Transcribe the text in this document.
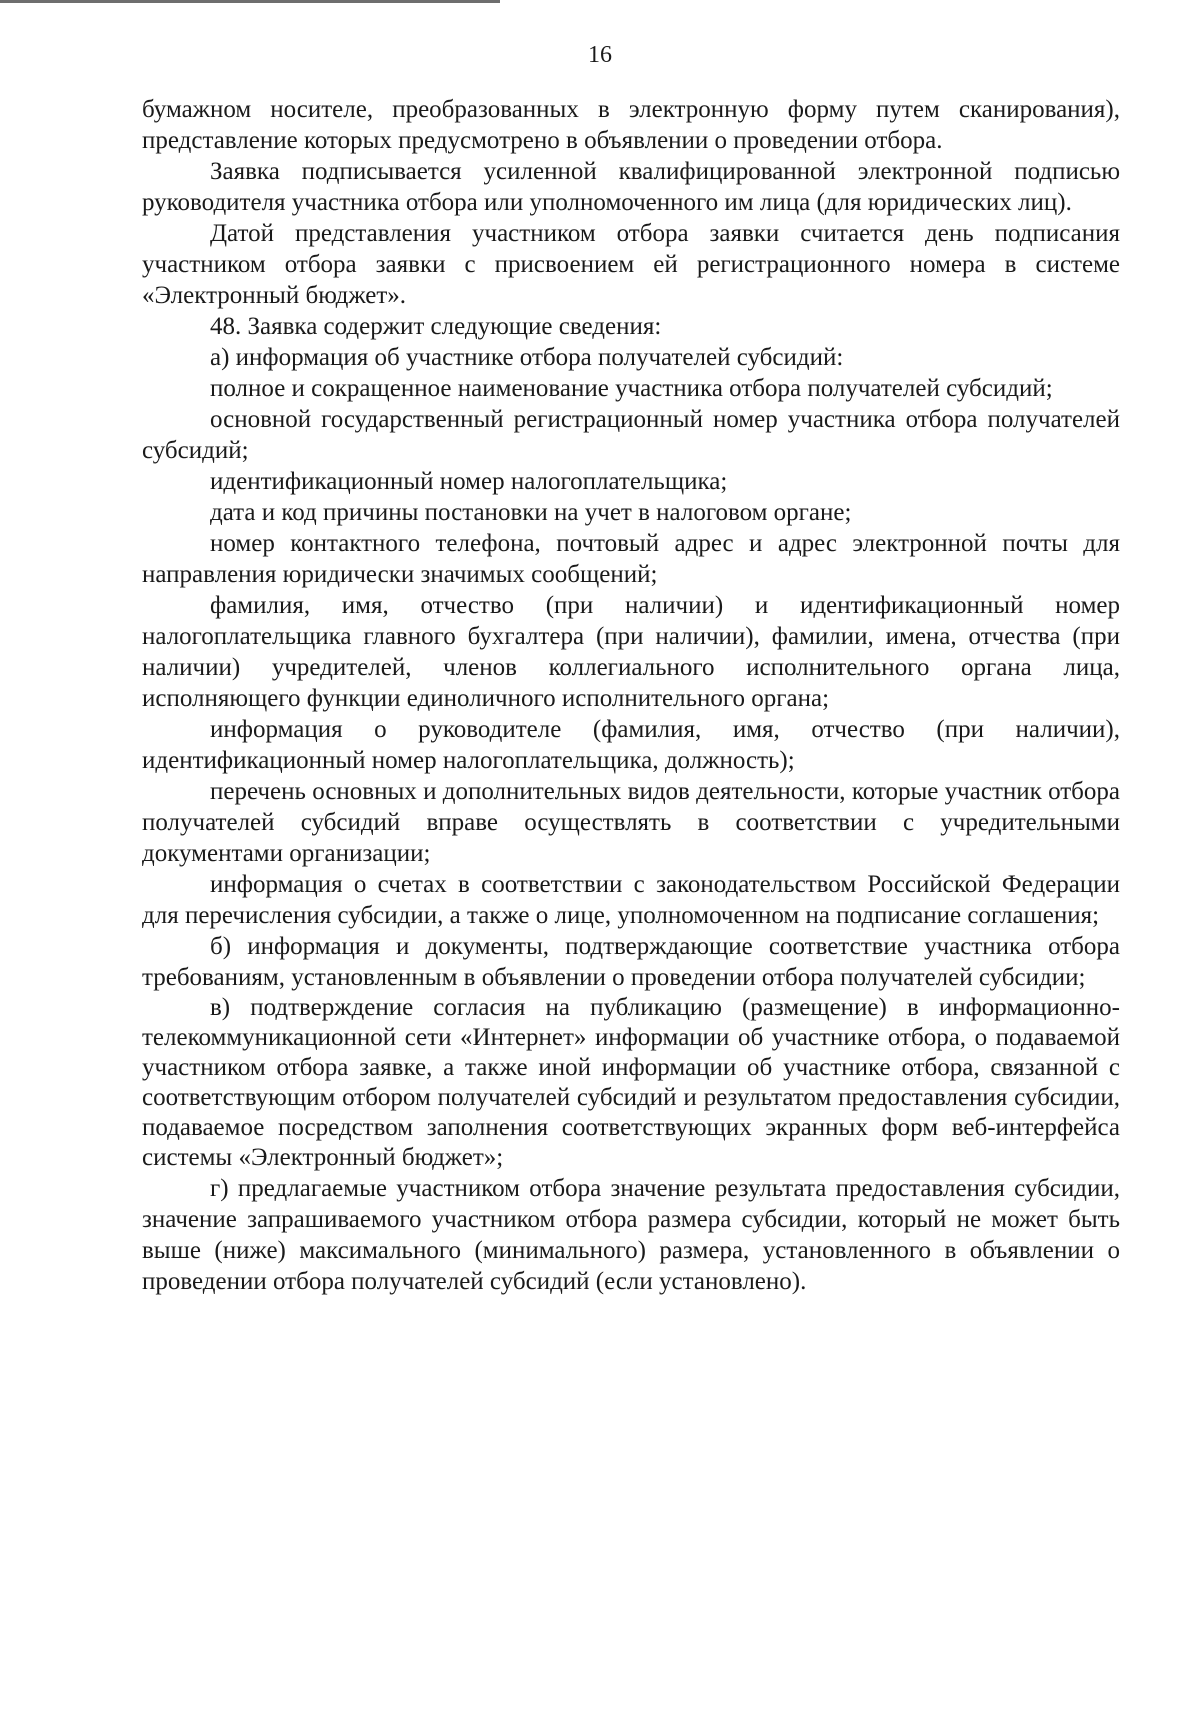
16

бумажном носителе, преобразованных в электронную форму путем сканирования), представление которых предусмотрено в объявлении о проведении отбора.

Заявка подписывается усиленной квалифицированной электронной подписью руководителя участника отбора или уполномоченного им лица (для юридических лиц).

Датой представления участником отбора заявки считается день подписания участником отбора заявки с присвоением ей регистрационного номера в системе «Электронный бюджет».

48. Заявка содержит следующие сведения:

а) информация об участнике отбора получателей субсидий:

полное и сокращенное наименование участника отбора получателей субсидий;

основной государственный регистрационный номер участника отбора получателей субсидий;

идентификационный номер налогоплательщика;

дата и код причины постановки на учет в налоговом органе;

номер контактного телефона, почтовый адрес и адрес электронной почты для направления юридически значимых сообщений;

фамилия, имя, отчество (при наличии) и идентификационный номер налогоплательщика главного бухгалтера (при наличии), фамилии, имена, отчества (при наличии) учредителей, членов коллегиального исполнительного органа лица, исполняющего функции единоличного исполнительного органа;

информация о руководителе (фамилия, имя, отчество (при наличии), идентификационный номер налогоплательщика, должность);

перечень основных и дополнительных видов деятельности, которые участник отбора получателей субсидий вправе осуществлять в соответствии с учредительными документами организации;

информация о счетах в соответствии с законодательством Российской Федерации для перечисления субсидии, а также о лице, уполномоченном на подписание соглашения;

б) информация и документы, подтверждающие соответствие участника отбора требованиям, установленным в объявлении о проведении отбора получателей субсидии;

в) подтверждение согласия на публикацию (размещение) в информационно-телекоммуникационной сети «Интернет» информации об участнике отбора, о подаваемой участником отбора заявке, а также иной информации об участнике отбора, связанной с соответствующим отбором получателей субсидий и результатом предоставления субсидии, подаваемое посредством заполнения соответствующих экранных форм веб-интерфейса системы «Электронный бюджет»;

г) предлагаемые участником отбора значение результата предоставления субсидии, значение запрашиваемого участником отбора размера субсидии, который не может быть выше (ниже) максимального (минимального) размера, установленного в объявлении о проведении отбора получателей субсидий (если установлено).
